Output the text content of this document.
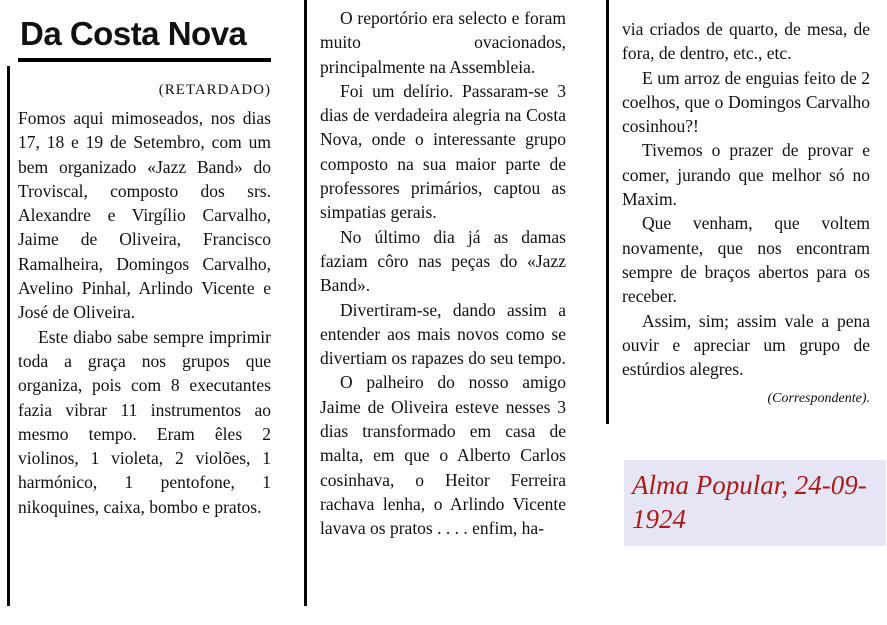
Da Costa Nova
(RETARDADO)

Fomos aqui mimoseados, nos dias 17, 18 e 19 de Setembro, com um bem organizado «Jazz Band» do Troviscal, composto dos srs. Alexandre e Virgílio Carvalho, Jaime de Oliveira, Francisco Ramalheira, Domingos Carvalho, Avelino Pinhal, Arlindo Vicente e José de Oliveira.

Este diabo sabe sempre imprimir toda a graça nos grupos que organiza, pois com 8 executantes fazia vibrar 11 instrumentos ao mesmo tempo. Eram êles 2 violinos, 1 violeta, 2 violões, 1 harmónico, 1 pentofone, 1 nikoquines, caixa, bombo e pratos.

O reportório era selecto e foram muito ovacionados, principalmente na Assembleia.

Foi um delírio. Passaram-se 3 dias de verdadeira alegria na Costa Nova, onde o interessante grupo composto na sua maior parte de professores primários, captou as simpatias gerais.

No último dia já as damas faziam côro nas peças do «Jazz Band».

Divertiram-se, dando assim a entender aos mais novos como se divertiam os rapazes do seu tempo.

O palheiro do nosso amigo Jaime de Oliveira esteve nesses 3 dias transformado em casa de malta, em que o Alberto Carlos cosinhava, o Heitor Ferreira rachava lenha, o Arlindo Vicente lavava os pratos . . . . enfim, ha-

via criados de quarto, de mesa, de fora, de dentro, etc., etc.

E um arroz de enguias feito de 2 coelhos, que o Domingos Carvalho cosinhou?!

Tivemos o prazer de provar e comer, jurando que melhor só no Maxim.

Que venham, que voltem novamente, que nos encontram sempre de braços abertos para os receber.

Assim, sim; assim vale a pena ouvir e apreciar um grupo de estúrdios alegres.

(Correspondente).
Alma Popular, 24-09-1924
